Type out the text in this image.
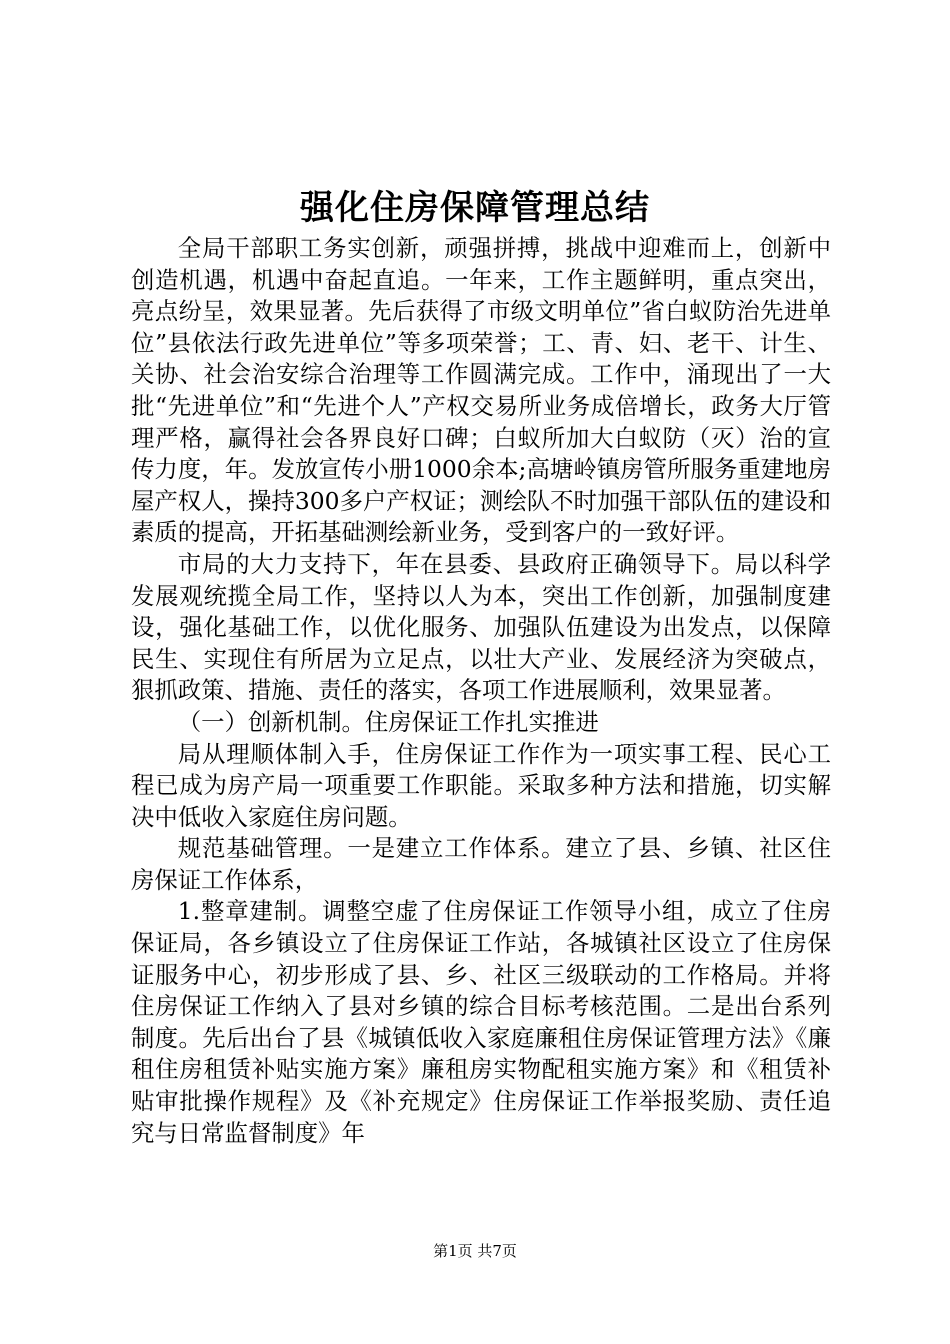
强化住房保障管理总结

全局干部职工务实创新，顽强拼搏，挑战中迎难而上，创新中创造机遇，机遇中奋起直追。一年来，工作主题鲜明，重点突出，亮点纷呈，效果显著。先后获得了市级文明单位”省白蚁防治先进单位”县依法行政先进单位”等多项荣誉；工、青、妇、老干、计生、关协、社会治安综合治理等工作圆满完成。工作中，涌现出了一大批“先进单位”和“先进个人”产权交易所业务成倍增长，政务大厅管理严格，赢得社会各界良好口碑；白蚁所加大白蚁防（灭）治的宣传力度，年。发放宣传小册1000余本;高塘岭镇房管所服务重建地房屋产权人，操持300多户产权证；测绘队不时加强干部队伍的建设和素质的提高，开拓基础测绘新业务，受到客户的一致好评。

市局的大力支持下，年在县委、县政府正确领导下。局以科学发展观统揽全局工作，坚持以人为本，突出工作创新，加强制度建设，强化基础工作，以优化服务、加强队伍建设为出发点，以保障民生、实现住有所居为立足点，以壮大产业、发展经济为突破点，狠抓政策、措施、责任的落实，各项工作进展顺利，效果显著。

（一）创新机制。住房保证工作扎实推进

局从理顺体制入手，住房保证工作作为一项实事工程、民心工程已成为房产局一项重要工作职能。采取多种方法和措施，切实解决中低收入家庭住房问题。

规范基础管理。一是建立工作体系。建立了县、乡镇、社区住房保证工作体系，

1.整章建制。调整空虚了住房保证工作领导小组，成立了住房保证局，各乡镇设立了住房保证工作站，各城镇社区设立了住房保证服务中心，初步形成了县、乡、社区三级联动的工作格局。并将住房保证工作纳入了县对乡镇的综合目标考核范围。二是出台系列制度。先后出台了县《城镇低收入家庭廉租住房保证管理方法》《廉租住房租赁补贴实施方案》廉租房实物配租实施方案》和《租赁补贴审批操作规程》及《补充规定》住房保证工作举报奖励、责任追究与日常监督制度》年

第1页 共7页
